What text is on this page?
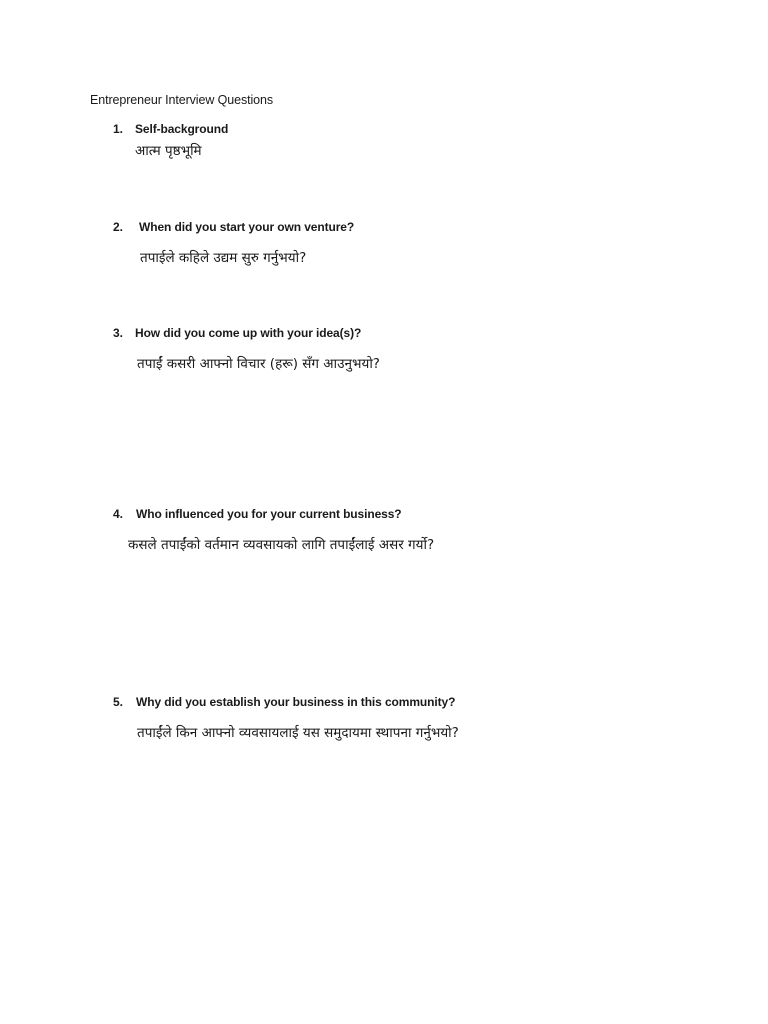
Entrepreneur Interview Questions
1. Self-background
आत्म पृष्ठभूमि
2. When did you start your own venture?
तपाईले कहिले उद्यम सुरु गर्नुभयो?
3. How did you come up with your idea(s)?
तपाईं कसरी आफ्नो विचार (हरू) सँग आउनुभयो?
4. Who influenced you for your current business?
कसले तपाईंको वर्तमान व्यवसायको लागि तपाईंलाई असर गर्यो?
5. Why did you establish your business in this community?
तपाईंले किन आफ्नो व्यवसायलाई यस समुदायमा स्थापना गर्नुभयो?
